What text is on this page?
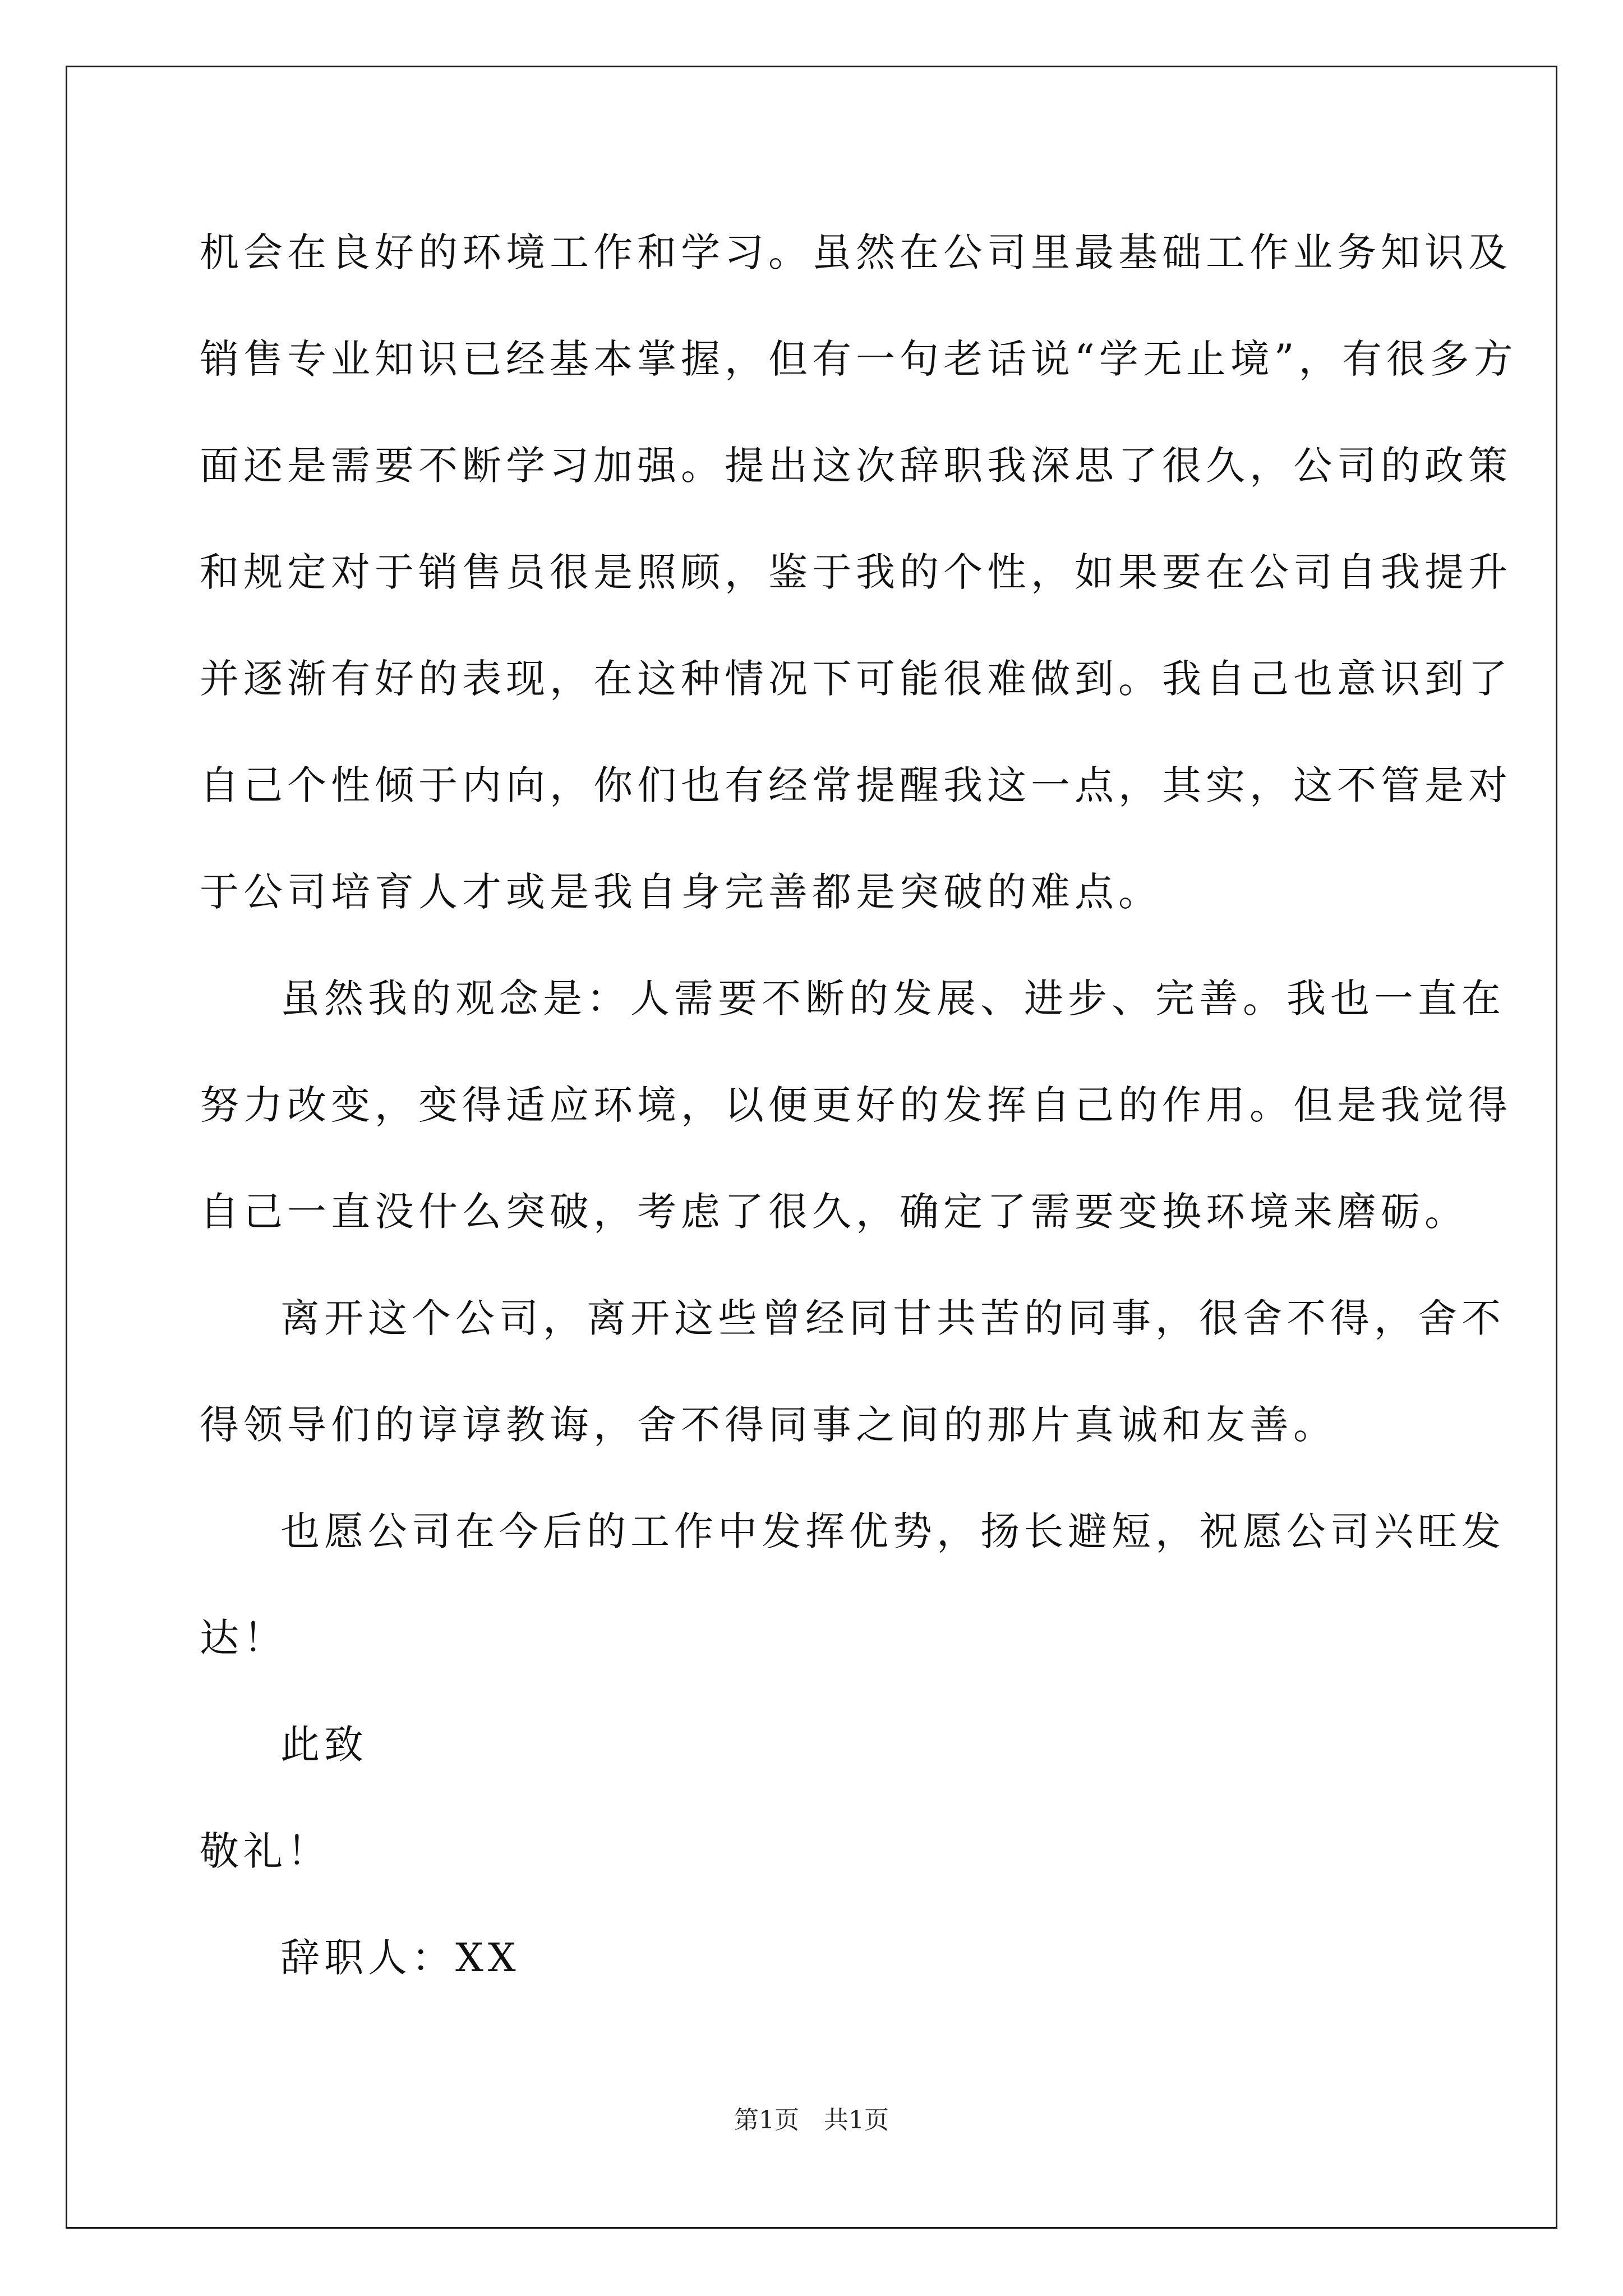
机会在良好的环境工作和学习。虽然在公司里最基础工作业务知识及
销售专业知识已经基本掌握，但有一句老话说“学无止境”，有很多方
面还是需要不断学习加强。提出这次辞职我深思了很久，公司的政策
和规定对于销售员很是照顾，鉴于我的个性，如果要在公司自我提升
并逐渐有好的表现，在这种情况下可能很难做到。我自己也意识到了
自己个性倾于内向，你们也有经常提醒我这一点，其实，这不管是对
于公司培育人才或是我自身完善都是突破的难点。
虽然我的观念是：人需要不断的发展、进步、完善。我也一直在
努力改变，变得适应环境，以便更好的发挥自己的作用。但是我觉得
自己一直没什么突破，考虑了很久，确定了需要变换环境来磨砺。
离开这个公司，离开这些曾经同甘共苦的同事，很舍不得，舍不
得领导们的谆谆教诲，舍不得同事之间的那片真诚和友善。
也愿公司在今后的工作中发挥优势，扬长避短，祝愿公司兴旺发
达！
此致
敬礼！
辞职人：XX
第1页　共1页
